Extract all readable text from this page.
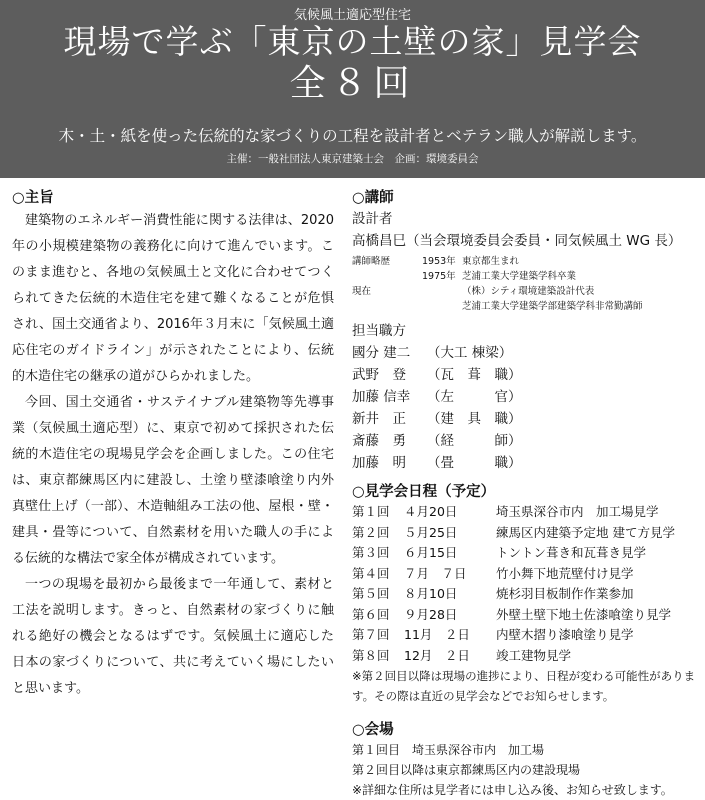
気候風土適応型住宅
現場で学ぶ「東京の土壁の家」見学会
全８回
木・土・紙を使った伝統的な家づくりの工程を設計者とベテラン職人が解説します。
主催：一般社団法人東京建築士会　企画：環境委員会
○主旨

建築物のエネルギー消費性能に関する法律は、2020年の小規模建築物の義務化に向けて進んでいます。このまま進むと、各地の気候風土と文化に合わせてつくられてきた伝統的木造住宅を建て難くなることが危惧され、国土交通省より、2016年３月末に「気候風土適応住宅のガイドライン」が示されたことにより、伝統的木造住宅の継承の道がひらかれました。

今回、国土交通省・サステイナブル建築物等先導事業（気候風土適応型）に、東京で初めて採択された伝統的木造住宅の現場見学会を企画しました。この住宅は、東京都練馬区内に建設し、土塗り壁漆喰塗り内外真壁仕上げ（一部）、木造軸組み工法の他、屋根・壁・建具・畳等について、自然素材を用いた職人の手による伝統的な構法で家全体が構成されています。

一つの現場を最初から最後まで一年通して、素材と工法を説明します。きっと、自然素材の家づくりに触れる絶好の機会となるはずです。気候風土に適応した日本の家づくりについて、共に考えていく場にしたいと思います。

○講師
設計者
高橋昌巳（当会環境委員会委員・同気候風土 WG 長）
講師略歴	1953年 東京都生まれ
1975年 芝浦工業大学建築学科卒業
現在	（株）シティ環境建築設計代表
芝浦工業大学建築学部建築学科非常勤講師
担当職方
國分 建二	（大工 棟梁）
武野　登	（瓦　葺　職）
加藤 信幸	（左　　　官）
新井　正	（建　具　職）
斎藤　勇	（経　　　師）
加藤　明	（畳　　　職）
○見学会日程（予定）
第１回	４月20日	埼玉県深谷市内　加工場見学
第２回	５月25日	練馬区内建築予定地 建て方見学
第３回	６月15日	トントン葺き和瓦葺き見学
第４回	７月　７日	竹小舞下地荒壁付け見学
第５回	８月10日	焼杉羽目板制作作業参加
第６回	９月28日	外壁土壁下地土佐漆喰塗り見学
第７回	11月　２日	内壁木摺り漆喰塗り見学
第８回	12月　２日	竣工建物見学
※第２回目以降は現場の進捗により、日程が変わる可能性があります。その際は直近の見学会などでお知らせします。
○会場
第１回目　埼玉県深谷市内　加工場
第２回目以降は東京都練馬区内の建設現場
※詳細な住所は見学者には申し込み後、お知らせ致します。
